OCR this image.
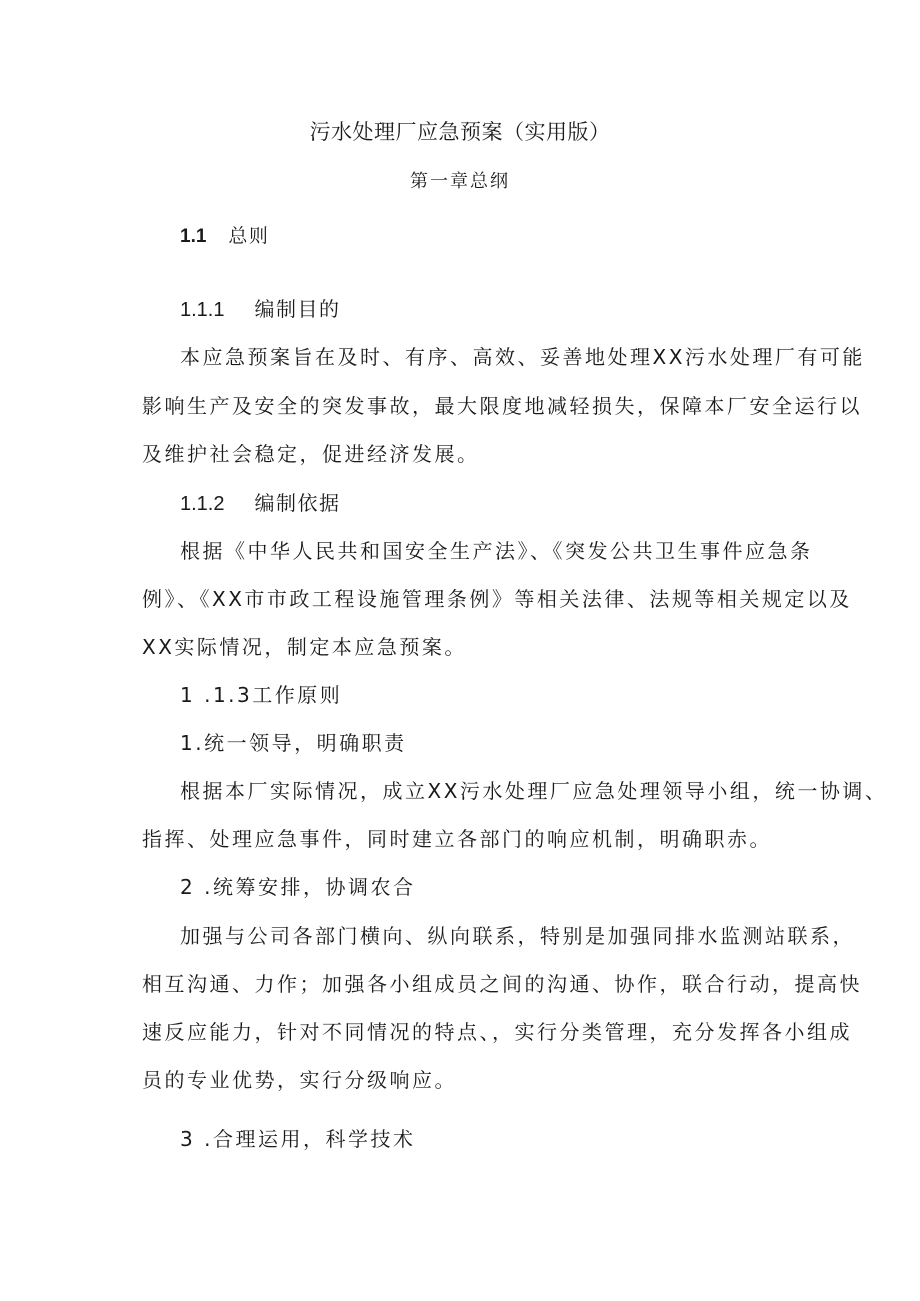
污水处理厂应急预案（实用版）
第一章总纲
1.1 总则
1.1.1 编制目的
本应急预案旨在及时、有序、高效、妥善地处理XX污水处理厂有可能
影响生产及安全的突发事故，最大限度地减轻损失，保障本厂安全运行以
及维护社会稳定，促进经济发展。
1.1.2 编制依据
根据《中华人民共和国安全生产法》、《突发公共卫生事件应急条
例》、《XX市市政工程设施管理条例》等相关法律、法规等相关规定以及
XX实际情况，制定本应急预案。
1 .1.3工作原则
1.统一领导，明确职责
根据本厂实际情况，成立XX污水处理厂应急处理领导小组，统一协调、
指挥、处理应急事件，同时建立各部门的响应机制，明确职赤。
2 .统筹安排，协调农合
加强与公司各部门横向、纵向联系，特别是加强同排水监测站联系，
相互沟通、力作；加强各小组成员之间的沟通、协作，联合行动，提高快
速反应能力，针对不同情况的特点、，实行分类管理，充分发挥各小组成
员的专业优势，实行分级响应。
3 .合理运用，科学技术
